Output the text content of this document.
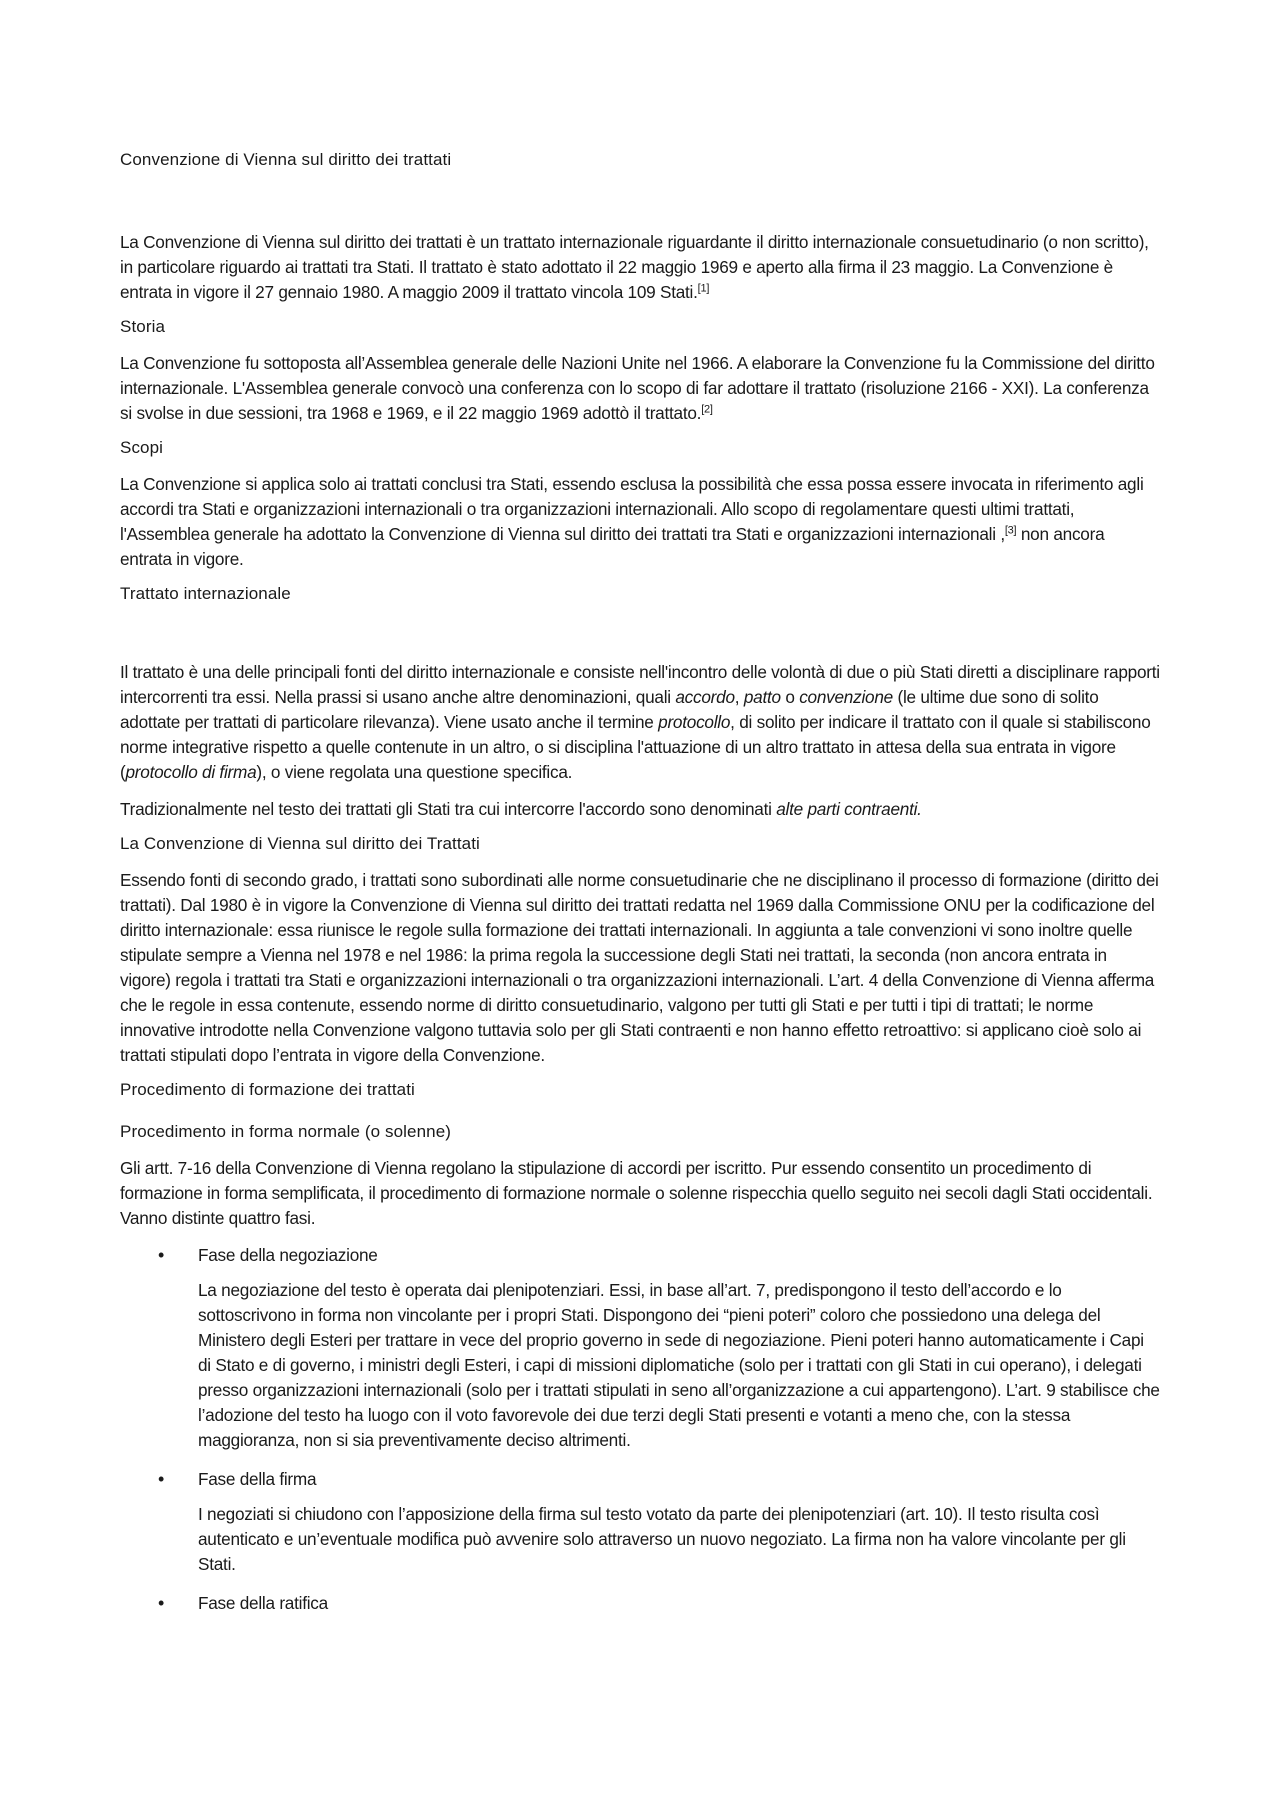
Convenzione di Vienna sul diritto dei trattati

La Convenzione di Vienna sul diritto dei trattati è un trattato internazionale riguardante il diritto internazionale consuetudinario (o non scritto), in particolare riguardo ai trattati tra Stati. Il trattato è stato adottato il 22 maggio 1969 e aperto alla firma il 23 maggio. La Convenzione è entrata in vigore il 27 gennaio 1980. A maggio 2009 il trattato vincola 109 Stati.[1]

Storia

La Convenzione fu sottoposta all’Assemblea generale delle Nazioni Unite nel 1966. A elaborare la Convenzione fu la Commissione del diritto internazionale. L'Assemblea generale convocò una conferenza con lo scopo di far adottare il trattato (risoluzione 2166 - XXI). La conferenza si svolse in due sessioni, tra 1968 e 1969, e il 22 maggio 1969 adottò il trattato.[2]

Scopi

La Convenzione si applica solo ai trattati conclusi tra Stati, essendo esclusa la possibilità che essa possa essere invocata in riferimento agli accordi tra Stati e organizzazioni internazionali o tra organizzazioni internazionali. Allo scopo di regolamentare questi ultimi trattati, l'Assemblea generale ha adottato la Convenzione di Vienna sul diritto dei trattati tra Stati e organizzazioni internazionali ,[3] non ancora entrata in vigore.

Trattato internazionale

Il trattato è una delle principali fonti del diritto internazionale e consiste nell'incontro delle volontà di due o più Stati diretti a disciplinare rapporti intercorrenti tra essi. Nella prassi si usano anche altre denominazioni, quali accordo, patto o convenzione (le ultime due sono di solito adottate per trattati di particolare rilevanza). Viene usato anche il termine protocollo, di solito per indicare il trattato con il quale si stabiliscono norme integrative rispetto a quelle contenute in un altro, o si disciplina l'attuazione di un altro trattato in attesa della sua entrata in vigore (protocollo di firma), o viene regolata una questione specifica.

Tradizionalmente nel testo dei trattati gli Stati tra cui intercorre l'accordo sono denominati alte parti contraenti.

La Convenzione di Vienna sul diritto dei Trattati

Essendo fonti di secondo grado, i trattati sono subordinati alle norme consuetudinarie che ne disciplinano il processo di formazione (diritto dei trattati). Dal 1980 è in vigore la Convenzione di Vienna sul diritto dei trattati redatta nel 1969 dalla Commissione ONU per la codificazione del diritto internazionale: essa riunisce le regole sulla formazione dei trattati internazionali. In aggiunta a tale convenzioni vi sono inoltre quelle stipulate sempre a Vienna nel 1978 e nel 1986: la prima regola la successione degli Stati nei trattati, la seconda (non ancora entrata in vigore) regola i trattati tra Stati e organizzazioni internazionali o tra organizzazioni internazionali. L’art. 4 della Convenzione di Vienna afferma che le regole in essa contenute, essendo norme di diritto consuetudinario, valgono per tutti gli Stati e per tutti i tipi di trattati; le norme innovative introdotte nella Convenzione valgono tuttavia solo per gli Stati contraenti e non hanno effetto retroattivo: si applicano cioè solo ai trattati stipulati dopo l’entrata in vigore della Convenzione.

Procedimento di formazione dei trattati
Procedimento in forma normale (o solenne)

Gli artt. 7-16 della Convenzione di Vienna regolano la stipulazione di accordi per iscritto. Pur essendo consentito un procedimento di formazione in forma semplificata, il procedimento di formazione normale o solenne rispecchia quello seguito nei secoli dagli Stati occidentali. Vanno distinte quattro fasi.

• Fase della negoziazione
La negoziazione del testo è operata dai plenipotenziari. Essi, in base all’art. 7, predispongono il testo dell’accordo e lo sottoscrivono in forma non vincolante per i propri Stati. Dispongono dei “pieni poteri” coloro che possiedono una delega del Ministero degli Esteri per trattare in vece del proprio governo in sede di negoziazione. Pieni poteri hanno automaticamente i Capi di Stato e di governo, i ministri degli Esteri, i capi di missioni diplomatiche (solo per i trattati con gli Stati in cui operano), i delegati presso organizzazioni internazionali (solo per i trattati stipulati in seno all’organizzazione a cui appartengono). L’art. 9 stabilisce che l’adozione del testo ha luogo con il voto favorevole dei due terzi degli Stati presenti e votanti a meno che, con la stessa maggioranza, non si sia preventivamente deciso altrimenti.
• Fase della firma
I negoziati si chiudono con l’apposizione della firma sul testo votato da parte dei plenipotenziari (art. 10). Il testo risulta così autenticato e un’eventuale modifica può avvenire solo attraverso un nuovo negoziato. La firma non ha valore vincolante per gli Stati.
• Fase della ratifica
